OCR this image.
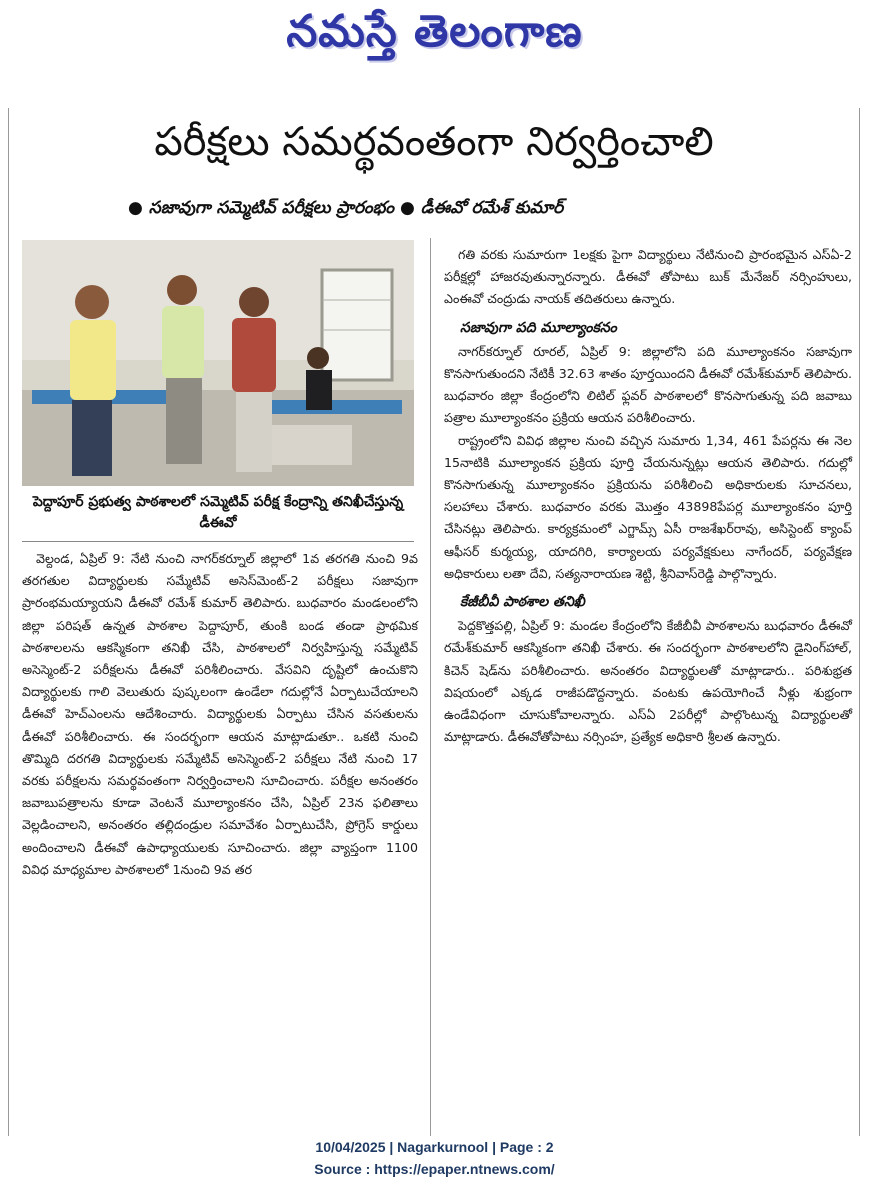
నమస్తే తెలంగాణ
పరీక్షలు సమర్థవంతంగా నిర్వర్తించాలి
● సజావుగా సమ్మెటివ్ పరీక్షలు ప్రారంభం ● డీఈవో రమేశ్ కుమార్
పెద్దాపూర్ ప్రభుత్వ పాఠశాలలో సమ్మెటివ్ పరీక్ష కేంద్రాన్ని తనిఖీచేస్తున్న డీఈవో

వెల్దండ, ఏప్రిల్ 9: నేటి నుంచి నాగర్‌కర్నూల్ జిల్లాలో 1వ తరగతి నుంచి 9వ తరగతుల విద్యార్థులకు సమ్మేటివ్ అసెస్‌మెంట్-2 పరీక్షలు సజావుగా ప్రారంభమయ్యాయని డీఈవో రమేశ్ కుమార్ తెలిపారు. బుధవారం మండలంలోని జిల్లా పరిషత్ ఉన్నత పాఠశాల పెద్దాపూర్, తుంకి బండ తండా ప్రాథమిక పాఠశాలలను ఆకస్మికంగా తనిఖీ చేసి, పాఠశాలలో నిర్వహిస్తున్న సమ్మేటివ్ అసెస్మెంట్-2 పరీక్షలను డీఈవో పరిశీలించారు. వేసవిని దృష్టిలో ఉంచుకొని విద్యార్థులకు గాలి వెలుతురు పుష్కలంగా ఉండేలా గదుల్లోనే ఏర్పాటుచేయాలని డీఈవో హెచ్‌ఎంలను ఆదేశించారు. విద్యార్థులకు ఏర్పాటు చేసిన వసతులను డీఈవో పరిశీలించారు. ఈ సందర్భంగా ఆయన మాట్లాడుతూ.. ఒకటి నుంచి తొమ్మిది దరగతి విద్యార్థులకు సమ్మేటివ్ అసెస్మెంట్-2 పరీక్షలు నేటి నుంచి 17 వరకు పరీక్షలను సమర్థవంతంగా నిర్వర్తించాలని సూచించారు. పరీక్షల అనంతరం జవాబుపత్రాలను కూడా వెంటనే మూల్యాంకనం చేసి, ఏప్రిల్ 23న ఫలితాలు వెల్లడించాలని, అనంతరం తల్లిదండ్రుల సమావేశం ఏర్పాటుచేసి, ప్రోగ్రెస్ కార్డులు అందించాలని డీఈవో ఉపాధ్యాయులకు సూచించారు. జిల్లా వ్యాప్తంగా 1100 వివిధ మాధ్యమాల పాఠశాలలో 1నుంచి 9వ తర

గతి వరకు సుమారుగా 1లక్షకు పైగా విద్యార్థులు నేటినుంచి ప్రారంభమైన ఎస్ఏ-2 పరీక్షల్లో హాజరవుతున్నారన్నారు. డీఈవో తోపాటు బుక్ మేనేజర్ నర్సింహులు, ఎంఈవో చంద్రుడు నాయక్ తదితరులు ఉన్నారు.

సజావుగా పది మూల్యాంకనం

నాగర్‌కర్నూల్ రూరల్, ఏప్రిల్ 9: జిల్లాలోని పది మూల్యాంకనం సజావుగా కొనసాగుతుందని నేటికీ 32.63 శాతం పూర్తయిందని డీఈవో రమేశ్‌కుమార్ తెలిపారు. బుధవారం జిల్లా కేంద్రంలోని లిటిల్ ఫ్లవర్ పాఠశాలలో కొనసాగుతున్న పది జవాబు పత్రాల మూల్యాంకనం ప్రక్రియ ఆయన పరిశీలించారు.

రాష్ట్రంలోని వివిధ జిల్లాల నుంచి వచ్చిన సుమారు 1,34, 461 పేపర్లను ఈ నెల 15నాటికి మూల్యాంకన ప్రక్రియ పూర్తి చేయనున్నట్లు ఆయన తెలిపారు. గదుల్లో కొనసాగుతున్న మూల్యాంకనం ప్రక్రియను పరిశీలించి అధికారులకు సూచనలు, సలహాలు చేశారు. బుధవారం వరకు మొత్తం 43898పేపర్ల మూల్యాంకనం పూర్తి చేసినట్లు తెలిపారు. కార్యక్రమంలో ఎగ్జామ్స్ ఏసీ రాజశేఖర్‌రావు, అసిస్టెంట్ క్యాంప్ ఆఫీసర్ కుర్మయ్య, యాదగిరి, కార్యాలయ పర్యవేక్షకులు నాగేందర్, పర్యవేక్షణ అధికారులు లతా దేవి, సత్యనారాయణ శెట్టి, శ్రీనివాస్‌రెడ్డి పాల్గొన్నారు.

కేజీబీవీ పాఠశాల తనిఖీ

పెద్దకొత్తపల్లి, ఏప్రిల్ 9: మండల కేంద్రంలోని కేజీబీవీ పాఠశాలను బుధవారం డీఈవో రమేశ్‌కుమార్ ఆకస్మికంగా తనిఖీ చేశారు. ఈ సందర్భంగా పాఠశాలలోని డైనింగ్‌హాల్, కిచెన్ షెడ్‌ను పరిశీలించారు. అనంతరం విద్యార్థులతో మాట్లాడారు.. పరిశుభ్రత విషయంలో ఎక్కడ రాజీపడొద్దన్నారు. వంటకు ఉపయోగించే నీళ్లు శుభ్రంగా ఉండేవిధంగా చూసుకోవాలన్నారు. ఎస్ఏ 2పరీల్లో పాల్గొంటున్న విద్యార్థులతో మాట్లాడారు. డీఈవోతోపాటు నర్సింహ, ప్రత్యేక అధికారి శ్రీలత ఉన్నారు.

10/04/2025 | Nagarkurnool | Page : 2
Source : https://epaper.ntnews.com/
